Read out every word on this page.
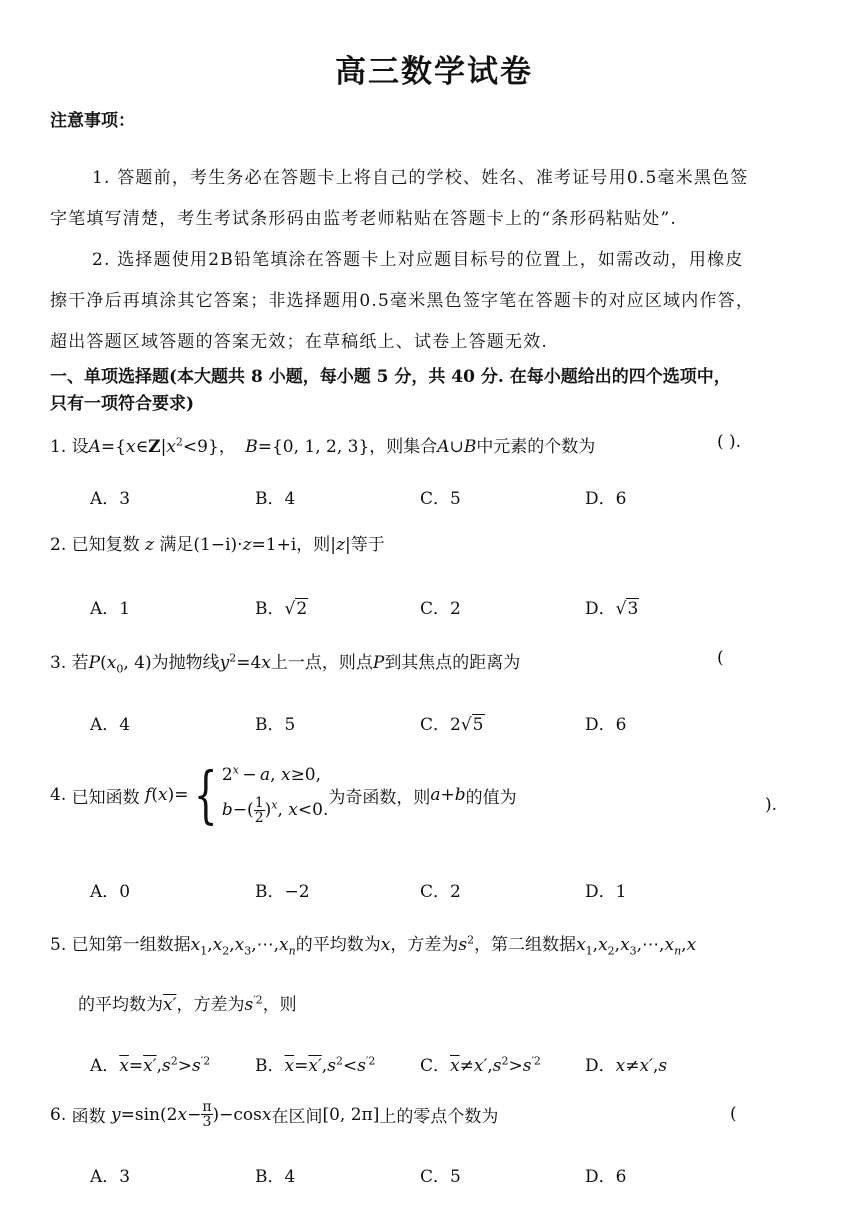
高三数学试卷
注意事项：
1. 答题前，考生务必在答题卡上将自己的学校、姓名、准考证号用0.5毫米黑色签
字笔填写清楚，考生考试条形码由监考老师粘贴在答题卡上的“条形码粘贴处”.
2. 选择题使用2B铅笔填涂在答题卡上对应题目标号的位置上，如需改动，用橡皮
擦干净后再填涂其它答案；非选择题用0.5毫米黑色签字笔在答题卡的对应区域内作答，
超出答题区域答题的答案无效；在草稿纸上、试卷上答题无效.
一、单项选择题(本大题共 8 小题，每小题 5 分，共 40 分. 在每小题给出的四个选项中，
只有一项符合要求)
1. 设$A=\{x\in Z|x^2<9\}$， B={0, 1, 2, 3}，则集合A∪B中元素的个数为	( ).
A．3	B．4	C．5	D．6
2. 已知复数 z 满足(1−i)·z=1+i，则|z|等于
A．1	B．√2	C．2	D．√3
3. 若$P(x_0$, 4)为抛物线$y^2=4x$上一点，则点P到其焦点的距离为	(
A．4	B．5	C．2√5	D．6
4. 已知函数 f(x)={ $2^x - a$, x≥0,
$b-( \frac{1}{2} )^x$, x<0.
为奇函数，则a+b的值为	).
A．0	B．−2	C．2	D．1
5. 已知第一组数据$x_1,x_2,x_3,\cdots,x_n$的平均数为x，方差为$s^2$，第二组数据$x_1,x_2,x_3,\cdots,x_n,x$
的平均数为x′，方差为$s^{'2}$，则
A．$\overline{x}=x',s^2>s^{'2}$	B．$\overline{x}=x',s^2<s^{'2}$	C．$\overline{x}\ne x',s^2>s^{'2}$	D．x≠x′,s
6. 函数 $y=\sin(2x- \frac{\pi}{3} )-\cos x$在区间[0, 2π]上的零点个数为	(
A．3	B．4	C．5	D．6
